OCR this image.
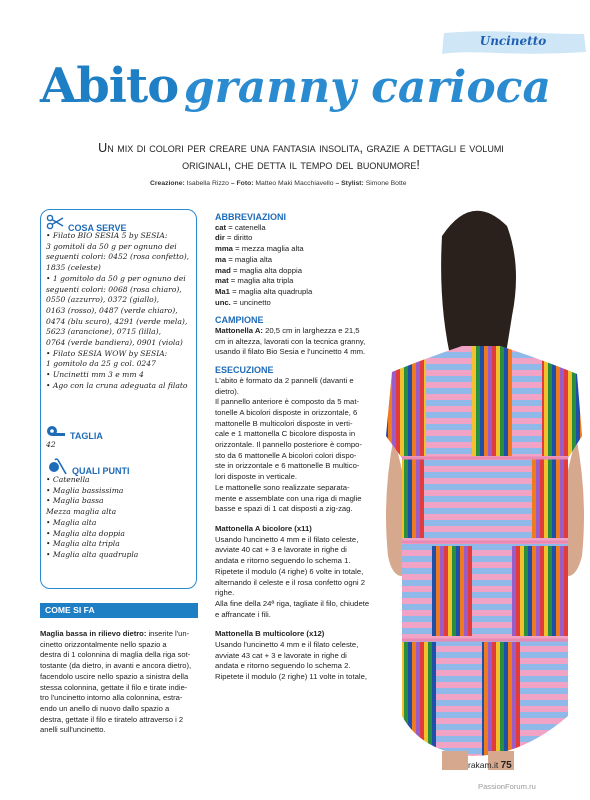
Uncinetto
Abito granny carioca
Un mix di colori per creare una fantasia insolita, grazie a dettagli e volumi
originali, che detta il tempo del buonumore!
Creazione: Isabella Rizzo – Foto: Matteo Maki Macchiavello – Stylist: Simone Botte
COSA SERVE
• Filato BIO SESIA 5 by SESIA:
3 gomitoli da 50 g per ognuno dei
seguenti colori: 0452 (rosa confetto),
1835 (celeste)
• 1 gomitolo da 50 g per ognuno dei
seguenti colori: 0068 (rosa chiaro),
0550 (azzurro), 0372 (giallo),
0163 (rosso), 0487 (verde chiaro),
0474 (blu scuro), 4291 (verde mela),
5623 (arancione), 0715 (lilla),
0764 (verde bandiera), 0901 (viola)
• Filato SESIA WOW by SESIA:
1 gomitolo da 25 g col. 0247
• Uncinetti mm 3 e mm 4
• Ago con la cruna adeguata al filato
TAGLIA
42
QUALI PUNTI
• Catenella
• Maglia bassissima
• Maglia bassa
Mezza maglia alta
• Maglia alta
• Maglia alta doppia
• Maglia alta tripla
• Maglia alta quadrupla
COME SI FA
Maglia bassa in rilievo dietro: inserite l'un-
cinetto orizzontalmente nello spazio a
destra di 1 colonnina di maglia della riga sot-
tostante (da dietro, in avanti e ancora dietro),
facendolo uscire nello spazio a sinistra della
stessa colonnina, gettate il filo e tirate indie-
tro l'uncinetto intorno alla colonnina, estra-
endo un anello di nuovo dallo spazio a
destra, gettate il filo e tiratelo attraverso i 2
anelli sull'uncinetto.
ABBREVIAZIONI
cat = catenella
dir = diritto
mma = mezza maglia alta
ma = maglia alta
mad = maglia alta doppia
mat = maglia alta tripla
Ma1 = maglia alta quadrupla
unc. = uncinetto
CAMPIONE
Mattonella A: 20,5 cm in larghezza e 21,5
cm in altezza, lavorati con la tecnica granny,
usando il filato Bio Sesia e l'uncinetto 4 mm.
ESECUZIONE
L'abito è formato da 2 pannelli (davanti e
dietro).
Il pannello anteriore è composto da 5 mat-
tonelle A bicolori disposte in orizzontale, 6
mattonelle B multicolori disposte in verti-
cale e 1 mattonella C bicolore disposta in
orizzontale. Il pannello posteriore è compo-
sto da 6 mattonelle A bicolori colori dispo-
ste in orizzontale e 6 mattonelle B multico-
lori disposte in verticale.
Le mattonelle sono realizzate separata-
mente e assemblate con una riga di maglie
basse e spazi di 1 cat disposti a zig-zag.
Mattonella A bicolore (x11)
Usando l'uncinetto 4 mm e il filato celeste,
avviate 40 cat + 3 e lavorate in righe di
andata e ritorno seguendo lo schema 1.
Ripetete il modulo (4 righe) 6 volte in totale,
alternando il celeste e il rosa confetto ogni 2
righe.
Alla fine della 24ª riga, tagliate il filo, chiudete
e affrancate i fili.
Mattonella B multicolore (x12)
Usando l'uncinetto 4 mm e il filato celeste,
avviate 43 cat + 3 e lavorate in righe di
andata e ritorno seguendo lo schema 2.
Ripetete il modulo (2 righe) 11 volte in totale,
rakam.it 75
PassionForum.ru
